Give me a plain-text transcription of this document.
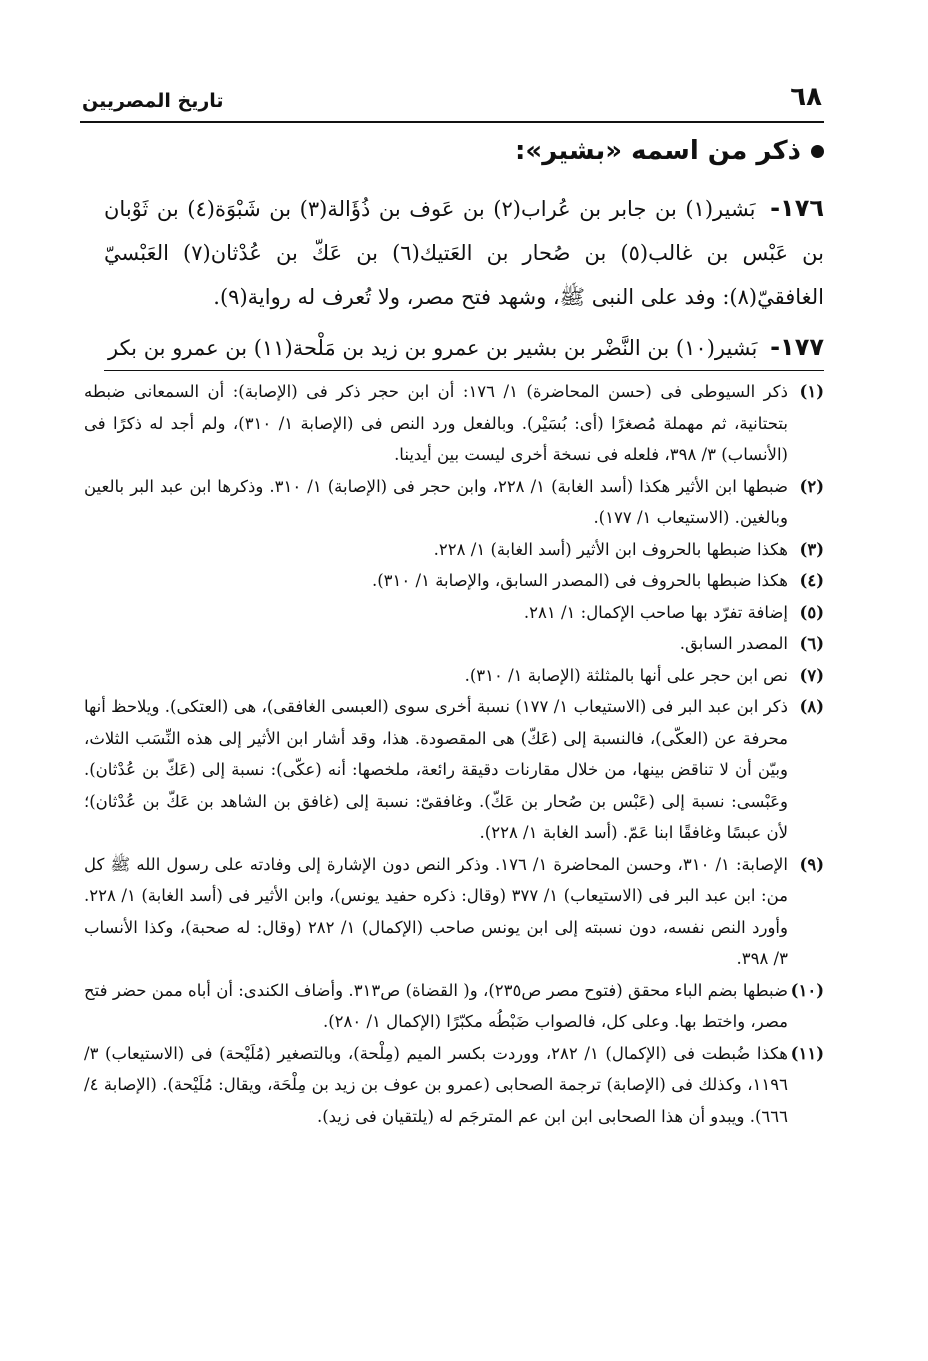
٦٨
تاريخ المصريين
ذكر من اسمه «بشير»:

١٧٦- بَشير(١) بن جابر بن عُراب(٢) بن عَوف بن ذُؤَالة(٣) بن شَبْوَة(٤) بن ثَوْبان بن عَبْس بن غالب(٥) بن صُحار بن العَتيك(٦) بن عَكّ بن عُدْثان(٧) العَبْسيّ الغافقيّ(٨): وفد على النبى ﷺ، وشهد فتح مصر، ولا تُعرف له رواية(٩).

١٧٧- بَشير(١٠) بن النَّضْر بن بشير بن عمرو بن زيد بن مَلْحة(١١) بن عمرو بن بكر

(١)
ذكر السيوطى فى (حسن المحاضرة) ١/ ١٧٦: أن ابن حجر ذكر فى (الإصابة): أن السمعانى ضبطه بتحتانية، ثم مهملة مُصغرًا (أى: بُسَيْر). وبالفعل ورد النص فى (الإصابة ١/ ٣١٠)، ولم أجد له ذكرًا فى (الأنساب) ٣/ ٣٩٨، فلعله فى نسخة أخرى ليست بين أيدينا.
(٢)
ضبطها ابن الأثير هكذا (أسد الغابة) ١/ ٢٢٨، وابن حجر فى (الإصابة) ١/ ٣١٠. وذكرها ابن عبد البر بالعين وبالغين. (الاستيعاب ١/ ١٧٧).
(٣)
هكذا ضبطها بالحروف ابن الأثير (أسد الغابة) ١/ ٢٢٨.
(٤)
هكذا ضبطها بالحروف فى (المصدر السابق، والإصابة ١/ ٣١٠).
(٥)
إضافة تفرّد بها صاحب الإكمال: ١/ ٢٨١.
(٦)
المصدر السابق.
(٧)
نص ابن حجر على أنها بالمثلثة (الإصابة ١/ ٣١٠).
(٨)
ذكر ابن عبد البر فى (الاستيعاب ١/ ١٧٧) نسبة أخرى سوى (العبسى الغافقى)، هى (العتكى). ويلاحظ أنها محرفة عن (العكّى)، فالنسبة إلى (عَكّ) هى المقصودة. هذا، وقد أشار ابن الأثير إلى هذه النِّسَب الثلاث، وبيّن أن لا تناقض بينها، من خلال مقارنات دقيقة رائعة، ملخصها: أنه (عكّى): نسبة إلى (عَكّ بن عُدْثان). وعَبْسى: نسبة إلى (عَبْس بن صُحار بن عَكّ). وغافقىّ: نسبة إلى (غافق بن الشاهد بن عَكّ بن عُدْثان)؛ لأن عبسًا وغافقًا ابنا عَمّ. (أسد الغابة ١/ ٢٢٨).
(٩)
الإصابة: ١/ ٣١٠، وحسن المحاضرة ١/ ١٧٦. وذكر النص دون الإشارة إلى وفادته على رسول الله ﷺ كل من: ابن عبد البر فى (الاستيعاب) ١/ ٣٧٧ (وقال: ذكره حفيد يونس)، وابن الأثير فى (أسد الغابة) ١/ ٢٢٨. وأورد النص نفسه، دون نسبته إلى ابن يونس صاحب (الإكمال) ١/ ٢٨٢ (وقال: له صحبة)، وكذا الأنساب ٣/ ٣٩٨.
(١٠)
ضبطها بضم الباء محقق (فتوح مصر ص٢٣٥)، و( القضاة) ص٣١٣. وأضاف الكندى: أن أباه ممن حضر فتح مصر، واختط بها. وعلى كل، فالصواب ضَبْطُه مكبّرًا (الإكمال ١/ ٢٨٠).
(١١)
هكذا ضُبطت فى (الإكمال) ١/ ٢٨٢، ووردت بكسر الميم (مِلْحة)، وبالتصغير (مُلَيْحة) فى (الاستيعاب) ٣/ ١١٩٦، وكذلك فى (الإصابة) ترجمة الصحابى (عمرو بن عوف بن زيد بن مِلْحَة، ويقال: مُلَيْحة). (الإصابة ٤/ ٦٦٦). ويبدو أن هذا الصحابى ابن ابن عم المترجَم له (يلتقيان فى زيد).
